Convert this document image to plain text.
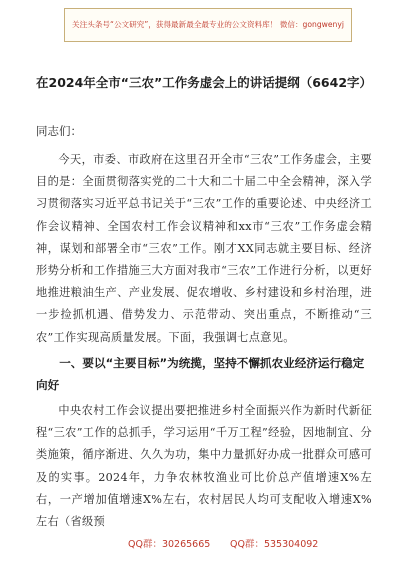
关注头条号“公文研究”，获得最新最全最专业的公文资料库！ 微信：gongwenyj
在2024年全市“三农”工作务虚会上的讲话提纲（6642字）

同志们：

今天，市委、市政府在这里召开全市“三农”工作务虚会，主要目的是：全面贯彻落实党的二十大和二十届二中全会精神，深入学习贯彻落实习近平总书记关于“三农”工作的重要论述、中央经济工作会议精神、全国农村工作会议精神和xx市“三农”工作务虚会精神，谋划和部署全市“三农”工作。刚才XX同志就主要目标、经济形势分析和工作措施三大方面对我市“三农”工作进行分析，以更好地推进粮油生产、产业发展、促农增收、乡村建设和乡村治理，进一步捡抓机遇、借势发力、示范带动、突出重点，不断推动“三农”工作实现高质量发展。下面，我强调七点意见。

一、要以“主要目标”为统揽，坚持不懈抓农业经济运行稳定向好

中央农村工作会议提出要把推进乡村全面振兴作为新时代新征程“三农”工作的总抓手，学习运用“千万工程”经验，因地制宜、分类施策，循序渐进、久久为功，集中力量抓好办成一批群众可感可及的实事。2024年，力争农林牧渔业可比价总产值增速X%左右，一产增加值增速X%左右，农村居民人均可支配收入增速X%左右（省级预

QQ群：30265665 QQ群：535304092
